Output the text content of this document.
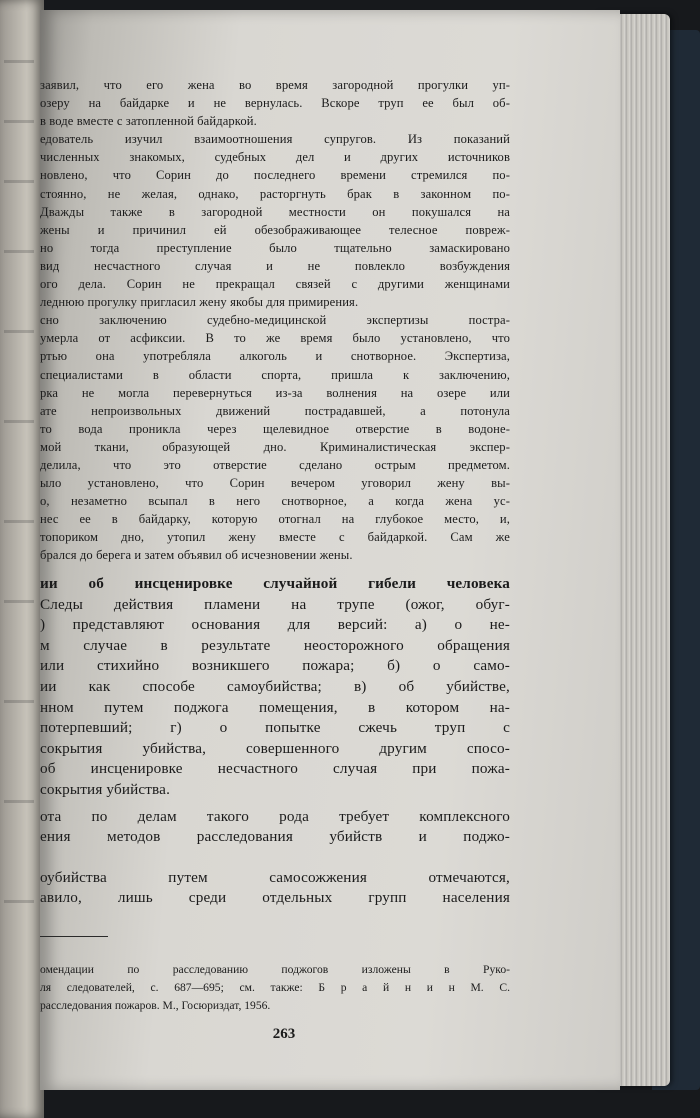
заявил, что его жена во время загородной прогулки уп-
озеру на байдарке и не вернулась. Вскоре труп ее был об-
в воде вместе с затопленной байдаркой.
едователь изучил взаимоотношения супругов. Из показаний
численных знакомых, судебных дел и других источников
новлено, что Сорин до последнего времени стремился по-
стоянно, не желая, однако, расторгнуть брак в законном по-
Дважды также в загородной местности он покушался на
жены и причинил ей обезображивающее телесное повреж-
но тогда преступление было тщательно замаскировано
вид несчастного случая и не повлекло возбуждения
ого дела. Сорин не прекращал связей с другими женщинами
леднюю прогулку пригласил жену якобы для примирения.
сно заключению судебно-медицинской экспертизы постра-
умерла от асфиксии. В то же время было установлено, что
ртью она употребляла алкоголь и снотворное. Экспертиза,
специалистами в области спорта, пришла к заключению,
рка не могла перевернуться из-за волнения на озере или
ате непроизвольных движений пострадавшей, а потонула
то вода проникла через щелевидное отверстие в водоне-
мой ткани, образующей дно. Криминалистическая экспер-
делила, что это отверстие сделано острым предметом.
ыло установлено, что Сорин вечером уговорил жену вы-
о, незаметно всыпал в него снотворное, а когда жена ус-
нес ее в байдарку, которую отогнал на глубокое место, и,
топориком дно, утопил жену вместе с байдаркой. Сам же
брался до берега и затем объявил об исчезновении жены.
ии об инсценировке случайной гибели человека
Следы действия пламени на трупе (ожог, обуг-
) представляют основания для версий: а) о не-
м случае в результате неосторожного обращения
или стихийно возникшего пожара; б) о само-
ии как способе самоубийства; в) об убийстве,
нном путем поджога помещения, в котором на-
потерпевший; г) о попытке сжечь труп с
сокрытия убийства, совершенного другим спосо-
об инсценировке несчастного случая при пожа-
сокрытия убийства.
ота по делам такого рода требует комплексного
ения методов расследования убийств и поджо-
оубийства путем самосожжения отмечаются,
авило, лишь среди отдельных групп населения
омендации по расследованию поджогов изложены в Руко-
ля следователей, с. 687—695; см. также: Б р а й н и н М. С.
расследования пожаров. М., Госюриздат, 1956.
263
